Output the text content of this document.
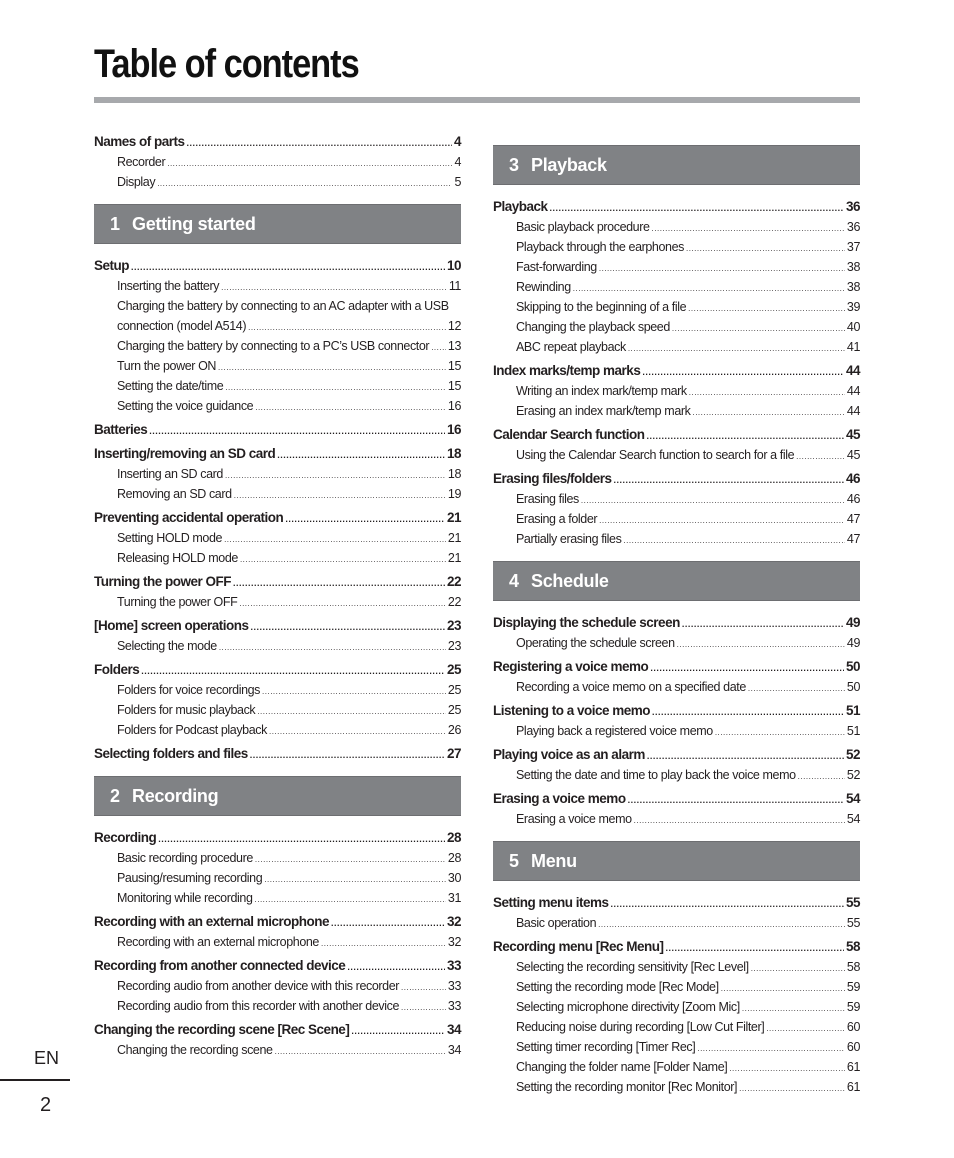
Table of contents
Names of parts .....	4
Recorder .....	4
Display .....	5
1 Getting started
Setup .....	10
Inserting the battery .....	11
Charging the battery by connecting to an AC adapter with a USB
connection (model A514) .....	12
Charging the battery by connecting to a PC’s USB connector ..... 13
Turn the power ON .....	15
Setting the date/time .....	15
Setting the voice guidance .....	16
Batteries .....	16
Inserting/removing an SD card .....	18
Inserting an SD card .....	18
Removing an SD card .....	19
Preventing accidental operation .....	21
Setting HOLD mode .....	21
Releasing HOLD mode .....	21
Turning the power OFF .....	22
Turning the power OFF .....	22
[Home] screen operations .....	23
Selecting the mode .....	23
Folders .....	25
Folders for voice recordings .....	25
Folders for music playback .....	25
Folders for Podcast playback .....	26
Selecting folders and files .....	27
2 Recording
Recording .....	28
Basic recording procedure .....	28
Pausing/resuming recording .....	30
Monitoring while recording .....	31
Recording with an external microphone .....	32
Recording with an external microphone .....	32
Recording from another connected device .....	33
Recording audio from another device with this recorder .....	33
Recording audio from this recorder with another device .....	33
Changing the recording scene [Rec Scene] .....	34
Changing the recording scene .....	34
3 Playback
Playback .....	36
Basic playback procedure .....	36
Playback through the earphones .....	37
Fast-forwarding .....	38
Rewinding .....	38
Skipping to the beginning of a file .....	39
Changing the playback speed .....	40
ABC repeat playback .....	41
Index marks/temp marks .....	44
Writing an index mark/temp mark .....	44
Erasing an index mark/temp mark .....	44
Calendar Search function .....	45
Using the Calendar Search function to search for a file .....	45
Erasing files/folders .....	46
Erasing files .....	46
Erasing a folder .....	47
Partially erasing files .....	47
4 Schedule
Displaying the schedule screen .....	49
Operating the schedule screen .....	49
Registering a voice memo .....	50
Recording a voice memo on a specified date .....	50
Listening to a voice memo .....	51
Playing back a registered voice memo .....	51
Playing voice as an alarm .....	52
Setting the date and time to play back the voice memo .....	52
Erasing a voice memo .....	54
Erasing a voice memo .....	54
5 Menu
Setting menu items .....	55
Basic operation .....	55
Recording menu [Rec Menu] .....	58
Selecting the recording sensitivity [Rec Level] .....	58
Setting the recording mode [Rec Mode] .....	59
Selecting microphone directivity [Zoom Mic] .....	59
Reducing noise during recording [Low Cut Filter] .....	60
Setting timer recording [Timer Rec] .....	60
Changing the folder name [Folder Name] .....	61
Setting the recording monitor [Rec Monitor] .....	61
EN
2
